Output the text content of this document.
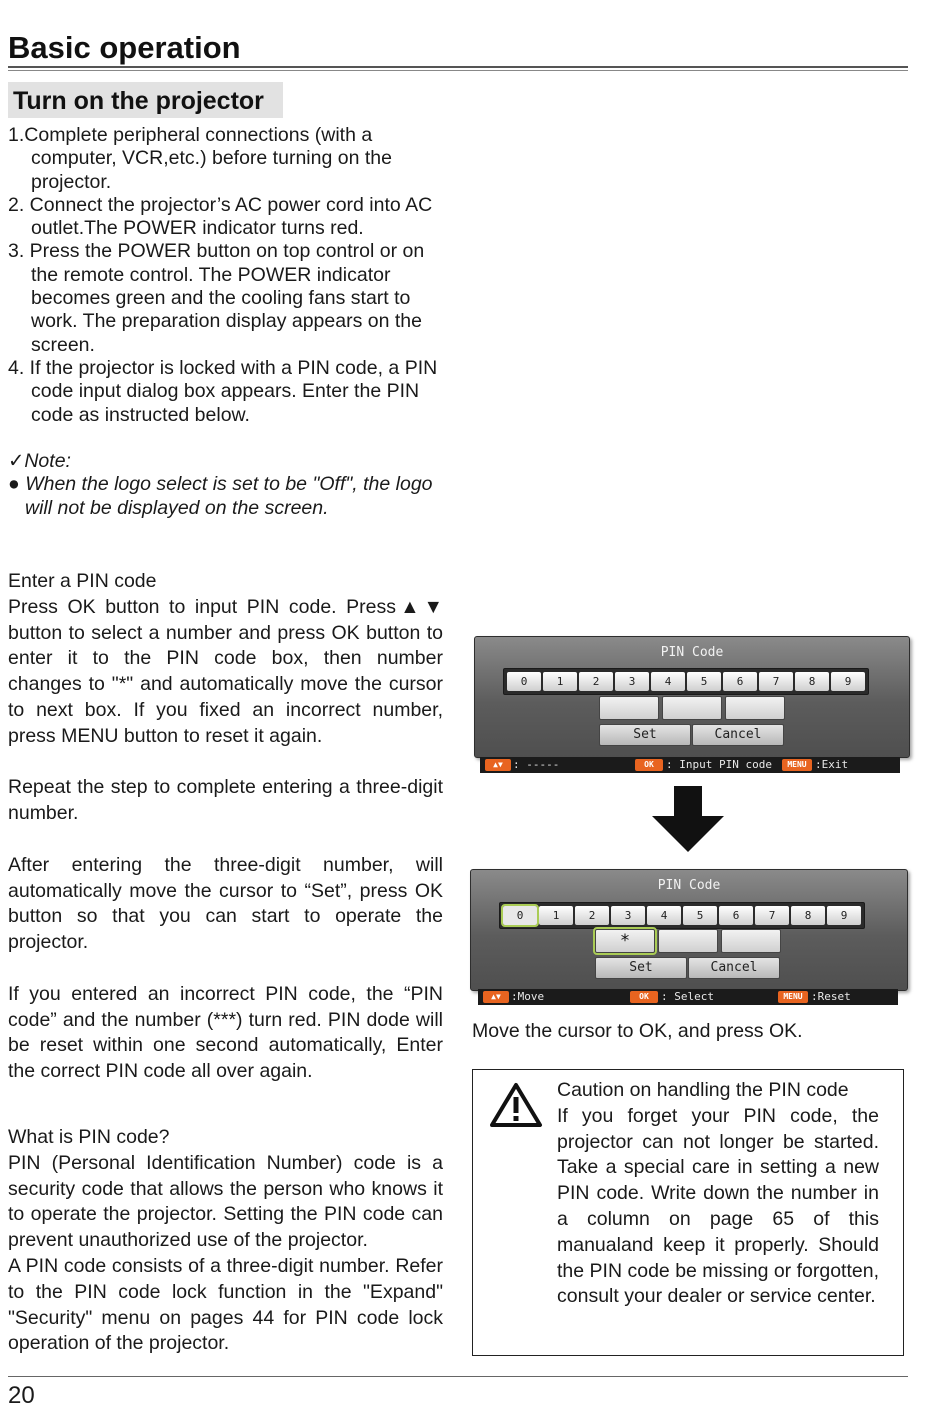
Basic operation
Turn on the projector

1.Complete peripheral connections (with a computer, VCR,etc.) before turning on the projector.

2. Connect the projector’s AC power cord into AC outlet.The POWER indicator turns red.

3. Press the POWER button on top control or on the remote control. The POWER indicator becomes green and the cooling fans start to work. The preparation display appears on the screen.

4. If the projector is locked with a PIN code, a PIN code input dialog box appears. Enter the PIN code as instructed below.

✓Note:

● When the logo select is set to be "Off", the logo will not be displayed on the screen.

Enter a PIN code

Press OK button to input PIN code. Press▲▼ button to select a number and press OK button to enter it to the PIN code box, then number changes to "*" and automatically move the cursor to next box. If you fixed an incorrect number, press MENU button to reset it again.

Repeat the step to complete entering a three-digit number.

After entering the three-digit number, will automatically move the cursor to “Set”, press OK button so that you can start to operate the projector.

If you entered an incorrect PIN code, the “PIN code” and the number (***) turn red. PIN dode will be reset within one second automatically, Enter the correct PIN code all over again.

What is PIN code?

PIN (Personal Identification Number) code is a security code that allows the person who knows it to operate the projector. Setting the PIN code can prevent unauthorized use of the projector.

A PIN code consists of a three-digit number. Refer to the PIN code lock function in the "Expand" "Security" menu on pages 44 for PIN code lock operation of the projector.

PIN Code
0	1	2	3	4	5	6	7	8	9
Set	Cancel
▲▼ : -----	OK	: Input PIN code	MENU :Exit
PIN Code
0	1	2	3	4	5	6	7	8	9
*
Set	Cancel
▲▼ :Move	OK	: Select	MENU :Reset
Move the cursor to OK, and press OK.

Caution on handling the PIN code

If you forget your PIN code, the projector can not longer be started. Take a special care in setting a new PIN code. Write down the number in a column on page 65 of this manualand keep it properly. Should the PIN code be missing or forgotten, consult your dealer or service center.

20
